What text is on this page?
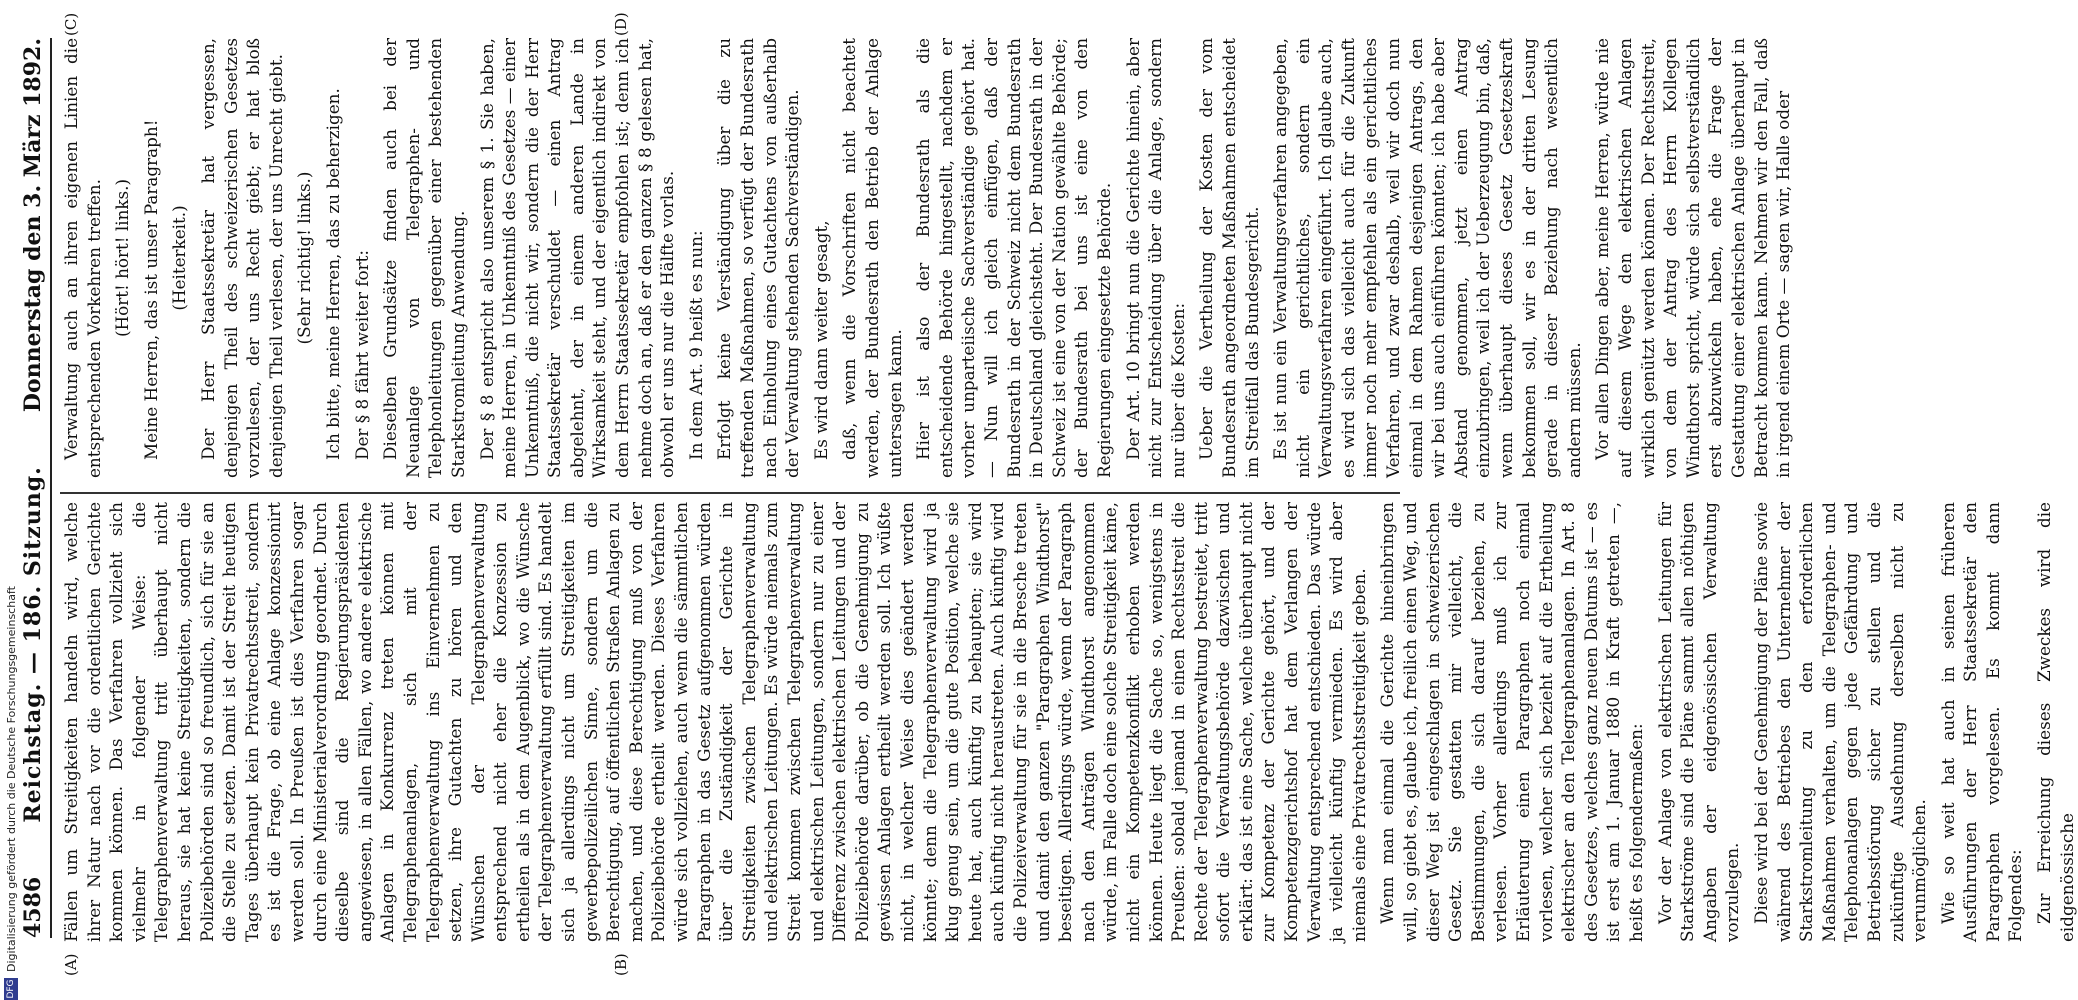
4586
Reichstag. — 186. Sitzung.
Donnerstag den 3. März 1892.
(A)	(B)
(C)	(D)

Fällen um Streitigkeiten handeln wird, welche ihrer Natur nach vor die ordentlichen Gerichte kommen können. Das Verfahren vollzieht sich vielmehr in folgender Weise: die Telegraphenverwaltung tritt überhaupt nicht heraus, sie hat keine Streitigkeiten, sondern die Polizeibehörden sind so freundlich, sich für sie an die Stelle zu setzen. Damit ist der Streit heutigen Tages überhaupt kein Privatrechtsstreit, sondern es ist die Frage, ob eine Anlage konzessionirt werden soll. In Preußen ist dies Verfahren sogar durch eine Ministerialverordnung geordnet. Durch dieselbe sind die Regierungspräsidenten angewiesen, in allen Fällen, wo andere elektrische Anlagen in Konkurrenz treten können mit Telegraphenanlagen, sich mit der Telegraphenverwaltung ins Einvernehmen zu setzen, ihre Gutachten zu hören und den Wünschen der Telegraphenverwaltung entsprechend nicht eher die Konzession zu ertheilen als in dem Augenblick, wo die Wünsche der Telegraphenverwaltung erfüllt sind. Es handelt sich ja allerdings nicht um Streitigkeiten im gewerbepolizeilichen Sinne, sondern um die Berechtigung, auf öffentlichen Straßen Anlagen zu machen, und diese Berechtigung muß von der Polizeibehörde ertheilt werden. Dieses Verfahren würde sich vollziehen, auch wenn die sämmtlichen Paragraphen in das Gesetz aufgenommen würden über die Zuständigkeit der Gerichte in Streitigkeiten zwischen Telegraphenverwaltung und elektrischen Leitungen. Es würde niemals zum Streit kommen zwischen Telegraphenverwaltung und elektrischen Leitungen, sondern nur zu einer Differenz zwischen elektrischen Leitungen und der Polizeibehörde darüber, ob die Genehmigung zu gewissen Anlagen ertheilt werden soll. Ich wüßte nicht, in welcher Weise dies geändert werden könnte; denn die Telegraphenverwaltung wird ja klug genug sein, um die gute Position, welche sie heute hat, auch künftig zu behaupten; sie wird auch künftig nicht heraustreten. Auch künftig wird die Polizeiverwaltung für sie in die Bresche treten und damit den ganzen "Paragraphen Windthorst" beseitigen. Allerdings würde, wenn der Paragraph nach den Anträgen Windthorst angenommen würde, im Falle doch eine solche Streitigkeit käme, nicht ein Kompetenzkonflikt erhoben werden können. Heute liegt die Sache so, wenigstens in Preußen: sobald jemand in einen Rechtsstreit die Rechte der Telegraphenverwaltung bestreitet, tritt sofort die Verwaltungsbehörde dazwischen und erklärt: das ist eine Sache, welche überhaupt nicht zur Kompetenz der Gerichte gehört, und der Kompetenzgerichtshof hat dem Verlangen der Verwaltung entsprechend entschieden. Das würde ja vielleicht künftig vermieden. Es wird aber niemals eine Privatrechtsstreitigkeit geben. Wenn man einmal die Gerichte hineinbringen will, so giebt es, glaube ich, freilich einen Weg, und dieser Weg ist eingeschlagen in schweizerischen Gesetz. Sie gestatten mir vielleicht, die Bestimmungen, die sich darauf beziehen, zu verlesen. Vorher allerdings muß ich zur Erläuterung einen Paragraphen noch einmal vorlesen, welcher sich bezieht auf die Ertheilung elektrischer an den Telegraphenanlagen. In Art. 8 des Gesetzes, welches ganz neuen Datums ist — es ist erst am 1. Januar 1880 in Kraft getreten —, heißt es folgendermaßen: Vor der Anlage von elektrischen Leitungen für Starkströme sind die Pläne sammt allen nöthigen Angaben der eidgenössischen Verwaltung vorzulegen. Diese wird bei der Genehmigung der Pläne sowie während des Betriebes den Unternehmer der Starkstromleitung zu den erforderlichen Maßnahmen verhalten, um die Telegraphen- und Telephonanlagen gegen jede Gefährdung und Betriebsstörung sicher zu stellen und die zukünftige Ausdehnung derselben nicht zu verunmöglichen. Wie so weit hat auch in seinen früheren Ausführungen der Herr Staatssekretär den Paragraphen vorgelesen. Es kommt dann Folgendes: Zur Erreichung dieses Zweckes wird die eidgenössische

Verwaltung auch an ihren eigenen Linien die entsprechenden Vorkehren treffen. (Hört! hört! links.) Meine Herren, das ist unser Paragraph! (Heiterkeit.) Der Herr Staatssekretär hat vergessen, denjenigen Theil des schweizerischen Gesetzes vorzulesen, der uns Recht giebt; er hat bloß denjenigen Theil verlesen, der uns Unrecht giebt. (Sehr richtig! links.) Ich bitte, meine Herren, das zu beherzigen. Der § 8 fährt weiter fort: Dieselben Grundsätze finden auch bei der Neuanlage von Telegraphen- und Telephonleitungen gegenüber einer bestehenden Starkstromleitung Anwendung. Der § 8 entspricht also unserem § 1. Sie haben, meine Herren, in Unkenntniß des Gesetzes — einer Unkenntniß, die nicht wir, sondern die der Herr Staatssekretär verschuldet — einen Antrag abgelehnt, der in einem anderen Lande in Wirksamkeit steht, und der eigentlich indirekt von dem Herrn Staatssekretär empfohlen ist; denn ich nehme doch an, daß er den ganzen § 8 gelesen hat, obwohl er uns nur die Hälfte vorlas. In dem Art. 9 heißt es nun: Erfolgt keine Verständigung über die zu treffenden Maßnahmen, so verfügt der Bundesrath nach Einholung eines Gutachtens von außerhalb der Verwaltung stehenden Sachverständigen. Es wird dann weiter gesagt, daß, wenn die Vorschriften nicht beachtet werden, der Bundesrath den Betrieb der Anlage untersagen kann. Hier ist also der Bundesrath als die entscheidende Behörde hingestellt, nachdem er vorher unparteiische Sachverständige gehört hat. — Nun will ich gleich einfügen, daß der Bundesrath in der Schweiz nicht dem Bundesrath in Deutschland gleichsteht. Der Bundesrath in der Schweiz ist eine von der Nation gewählte Behörde; der Bundesrath bei uns ist eine von den Regierungen eingesetzte Behörde. Der Art. 10 bringt nun die Gerichte hinein, aber nicht zur Entscheidung über die Anlage, sondern nur über die Kosten: Ueber die Vertheilung der Kosten der vom Bundesrath angeordneten Maßnahmen entscheidet im Streitfall das Bundesgericht. Es ist nun ein Verwaltungsverfahren angegeben, nicht ein gerichtliches, sondern ein Verwaltungsverfahren eingeführt. Ich glaube auch, es wird sich das vielleicht auch für die Zukunft immer noch mehr empfehlen als ein gerichtliches Verfahren, und zwar deshalb, weil wir doch nun einmal in dem Rahmen desjenigen Antrags, den wir bei uns auch einführen könnten; ich habe aber Abstand genommen, jetzt einen Antrag einzubringen, weil ich der Ueberzeugung bin, daß, wenn überhaupt dieses Gesetz Gesetzeskraft bekommen soll, wir es in der dritten Lesung gerade in dieser Beziehung nach wesentlich andern müssen. Vor allen Dingen aber, meine Herren, würde nie auf diesem Wege den elektrischen Anlagen wirklich genützt werden können. Der Rechtsstreit, von dem der Antrag des Herrn Kollegen Windthorst spricht, würde sich selbstverständlich erst abzuwickeln haben, ehe die Frage der Gestattung einer elektrischen Anlage überhaupt in Betracht kommen kann. Nehmen wir den Fall, daß in irgend einem Orte — sagen wir, Halle oder

DFG
Digitalisierung gefördert durch die Deutsche Forschungsgemeinschaft
